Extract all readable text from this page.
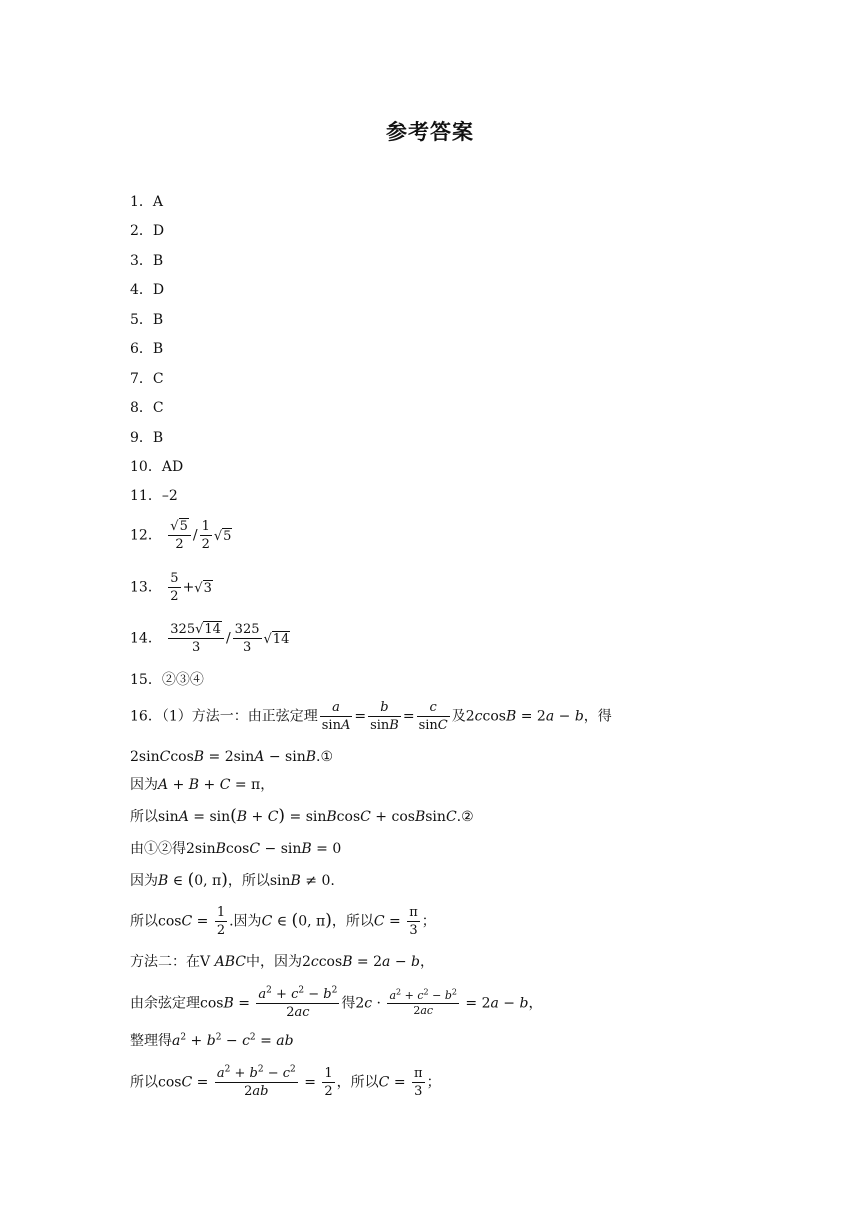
参考答案
1．A
2．D
3．B
4．D
5．B
6．B
7．C
8．C
9．B
10．AD
11．–2
12． $\frac{√5}{2} / \frac{1}{2} √5$
13． $\frac{5}{2} +√3$
14． $\frac{325√14}{3} / \frac{325}{3} √14$
15．②③④
16．（1）方法一：由正弦定理 $\frac{a}{\sin A} = \frac{b}{\sin B} = \frac{c}{\sin C}$ 及2ccosB = 2a − b，得
2sinCcosB = 2sinA − sinB.①
因为A + B + C = π，
所以sinA = sin(B + C) = sinBcosC + cosBsinC.②
由①②得2sinBcosC − sinB = 0
因为B ∈ (0, π)，所以sinB ≠ 0.
所以$\cos C = \frac{1}{2}$ .因为C ∈ (0, π)，所以$C = \frac{\pi}{3}$ ；
方法二：在V ABC中，因为2ccosB = 2a − b，
由余弦定理$\cos B = \frac{a^2 + c^2 - b^2}{2ac}$ 得$2c \cdot \frac{a^2 + c^2 - b^2}{2ac} = 2a - b$，
整理得$a^2 + b^2 - c^2$ = ab
所以$\cos C = \frac{a^2 + b^2 - c^2}{2ab} = \frac{1}{2}$ ，所以$C = \frac{\pi}{3}$ ；
